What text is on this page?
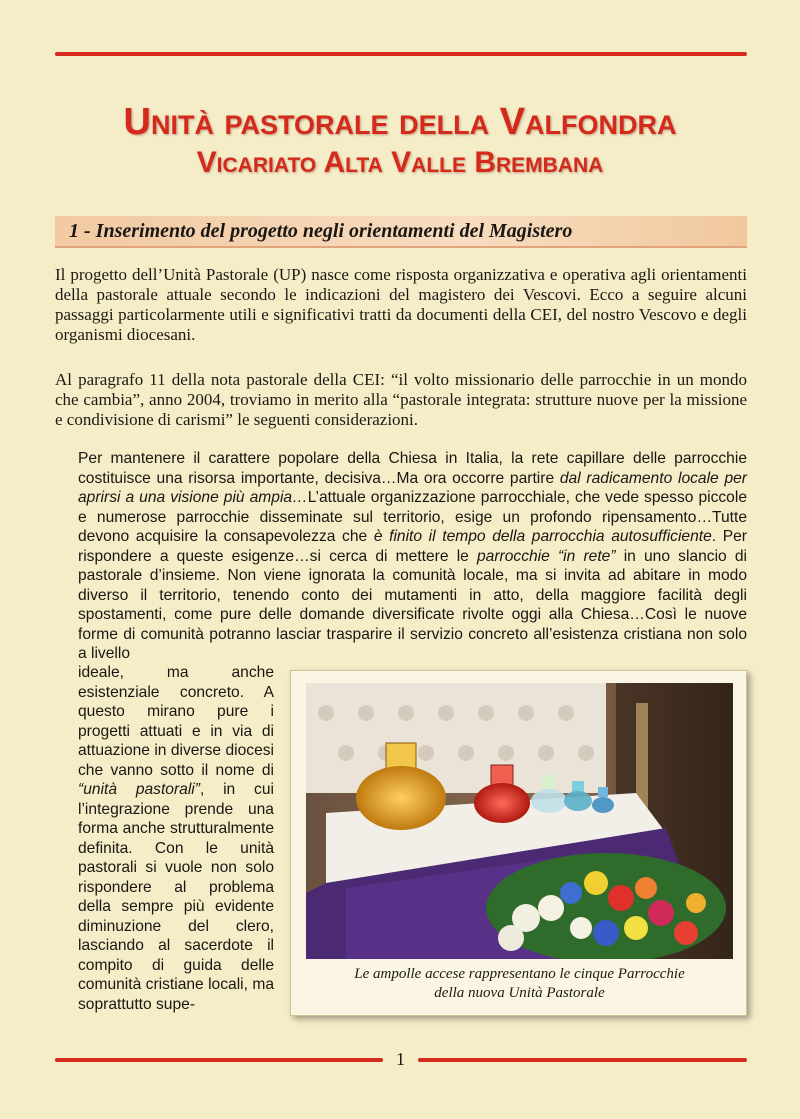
Unità pastorale della Valfondra
Vicariato Alta Valle Brembana
1 - Inserimento del progetto negli orientamenti del Magistero

Il progetto dell’Unità Pastorale (UP) nasce come risposta organizzativa e operativa agli orientamenti della pastorale attuale secondo le indicazioni del magistero dei Vescovi. Ecco a seguire alcuni passaggi particolarmente utili e significativi tratti da documenti della CEI, del nostro Vescovo e degli organismi diocesani.

Al paragrafo 11 della nota pastorale della CEI: “il volto missionario delle parrocchie in un mondo che cambia”, anno 2004, troviamo in merito alla “pastorale integrata: strutture nuove per la missione e condivisione di carismi” le seguenti considerazioni.

Per mantenere il carattere popolare della Chiesa in Italia, la rete capillare delle parrocchie costituisce una risorsa importante, decisiva…Ma ora occorre partire dal radicamento locale per aprirsi a una visione più ampia…L’attuale organizzazione parrocchiale, che vede spesso piccole e numerose parrocchie disseminate sul territorio, esige un profondo ripensamento…Tutte devono acquisire la consapevolezza che è finito il tempo della parrocchia autosufficiente. Per rispondere a queste esigenze…si cerca di mettere le parrocchie “in rete” in uno slancio di pastorale d’insieme. Non viene ignorata la comunità locale, ma si invita ad abitare in modo diverso il territorio, tenendo conto dei mutamenti in atto, della maggiore facilità degli spostamenti, come pure delle domande diversificate rivolte oggi alla Chiesa…Così le nuove forme di comunità potranno lasciar trasparire il servizio concreto all’esistenza cristiana non solo a livello
ideale, ma anche esistenziale concreto. A questo mirano pure i progetti attuati e in via di attuazione in diverse diocesi che vanno sotto il nome di “unità pastorali”, in cui l’integrazione prende una forma anche strutturalmente definita. Con le unità pastorali si vuole non solo rispondere al problema della sempre più evidente diminuzione del clero, lasciando al sacerdote il compito di guida delle comunità cristiane locali, ma soprattutto supe-
Le ampolle accese rappresentano le cinque Parrocchie
della nuova Unità Pastorale
1
